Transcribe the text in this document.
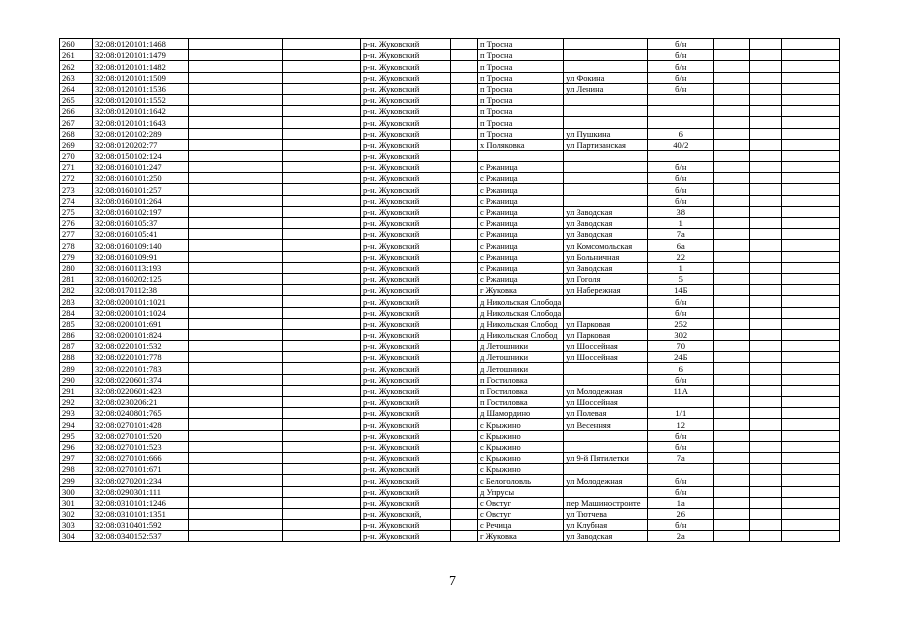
260	32:08:0120101:1468			р-н. Жуковский		п Тросна		б/н			
261	32:08:0120101:1479			р-н. Жуковский		п Тросна		б/н			
262	32:08:0120101:1482			р-н. Жуковский		п Тросна		б/н			
263	32:08:0120101:1509			р-н. Жуковский		п Тросна	ул Фокина	б/н			
264	32:08:0120101:1536			р-н. Жуковский		п Тросна	ул Ленина	б/н			
265	32:08:0120101:1552			р-н. Жуковский		п Тросна					
266	32:08:0120101:1642			р-н. Жуковский		п Тросна					
267	32:08:0120101:1643			р-н. Жуковский		п Тросна					
268	32:08:0120102:289			р-н. Жуковский		п Тросна	ул Пушкина	6			
269	32:08:0120202:77			р-н. Жуковский		х Поляковка	ул Партизанская	40/2			
270	32:08:0150102:124			р-н. Жуковский							
271	32:08:0160101:247			р-н. Жуковский		с Ржаница		б/н			
272	32:08:0160101:250			р-н. Жуковский		с Ржаница		б/н			
273	32:08:0160101:257			р-н. Жуковский		с Ржаница		б/н			
274	32:08:0160101:264			р-н. Жуковский		с Ржаница		б/н			
275	32:08:0160102:197			р-н. Жуковский		с Ржаница	ул Заводская	38			
276	32:08:0160105:37			р-н. Жуковский		с Ржаница	ул Заводская	1			
277	32:08:0160105:41			р-н. Жуковский		с Ржаница	ул Заводская	7а			
278	32:08:0160109:140			р-н. Жуковский		с Ржаница	ул Комсомольская	6а			
279	32:08:0160109:91			р-н. Жуковский		с Ржаница	ул Больничная	22			
280	32:08:0160113:193			р-н. Жуковский		с Ржаница	ул Заводская	1			
281	32:08:0160202:125			р-н. Жуковский		с Ржаница	ул Гоголя	5			
282	32:08:0170112:38			р-н. Жуковский		г Жуковка	ул Набережная	14Б			
283	32:08:0200101:1021			р-н. Жуковский		д Никольская Слобода		б/н			
284	32:08:0200101:1024			р-н. Жуковский		д Никольская Слобода		б/н			
285	32:08:0200101:691			р-н. Жуковский		д Никольская Слобод	ул Парковая	252			
286	32:08:0200101:824			р-н. Жуковский		д Никольская Слобод	ул Парковая	302			
287	32:08:0220101:532			р-н. Жуковский		д Летошники	ул Шоссейная	70			
288	32:08:0220101:778			р-н. Жуковский		д Летошники	ул Шоссейная	24Б			
289	32:08:0220101:783			р-н. Жуковский		д Летошники		6			
290	32:08:0220601:374			р-н. Жуковский		п Гостиловка		б/н			
291	32:08:0220601:423			р-н. Жуковский		п Гостиловка	ул Молодежная	11А			
292	32:08:0230206:21			р-н. Жуковский		п Гостиловка	ул Шоссейная				
293	32:08:0240801:765			р-н. Жуковский		д Шамордино	ул Полевая	1/1			
294	32:08:0270101:428			р-н. Жуковский		с Крыжино	ул Весенняя	12			
295	32:08:0270101:520			р-н. Жуковский		с Крыжино		б/н			
296	32:08:0270101:523			р-н. Жуковский		с Крыжино		б/н			
297	32:08:0270101:666			р-н. Жуковский		с Крыжино	ул 9-й Пятилетки	7а			
298	32:08:0270101:671			р-н. Жуковский		с Крыжино					
299	32:08:0270201:234			р-н. Жуковский		с Белоголовль	ул Молодежная	б/н			
300	32:08:0290301:111			р-н. Жуковский		д Упрусы		б/н			
301	32:08:0310101:1246			р-н. Жуковский		с Овстуг	пер Машиностроите	1а			
302	32:08:0310101:1351			р-н. Жуковский,		с Овстуг	ул Тютчева	26			
303	32:08:0310401:592			р-н. Жуковский		с Речица	ул Клубная	б/н			
304	32:08:0340152:537			р-н. Жуковский		г Жуковка	ул Заводская	2а			
7
